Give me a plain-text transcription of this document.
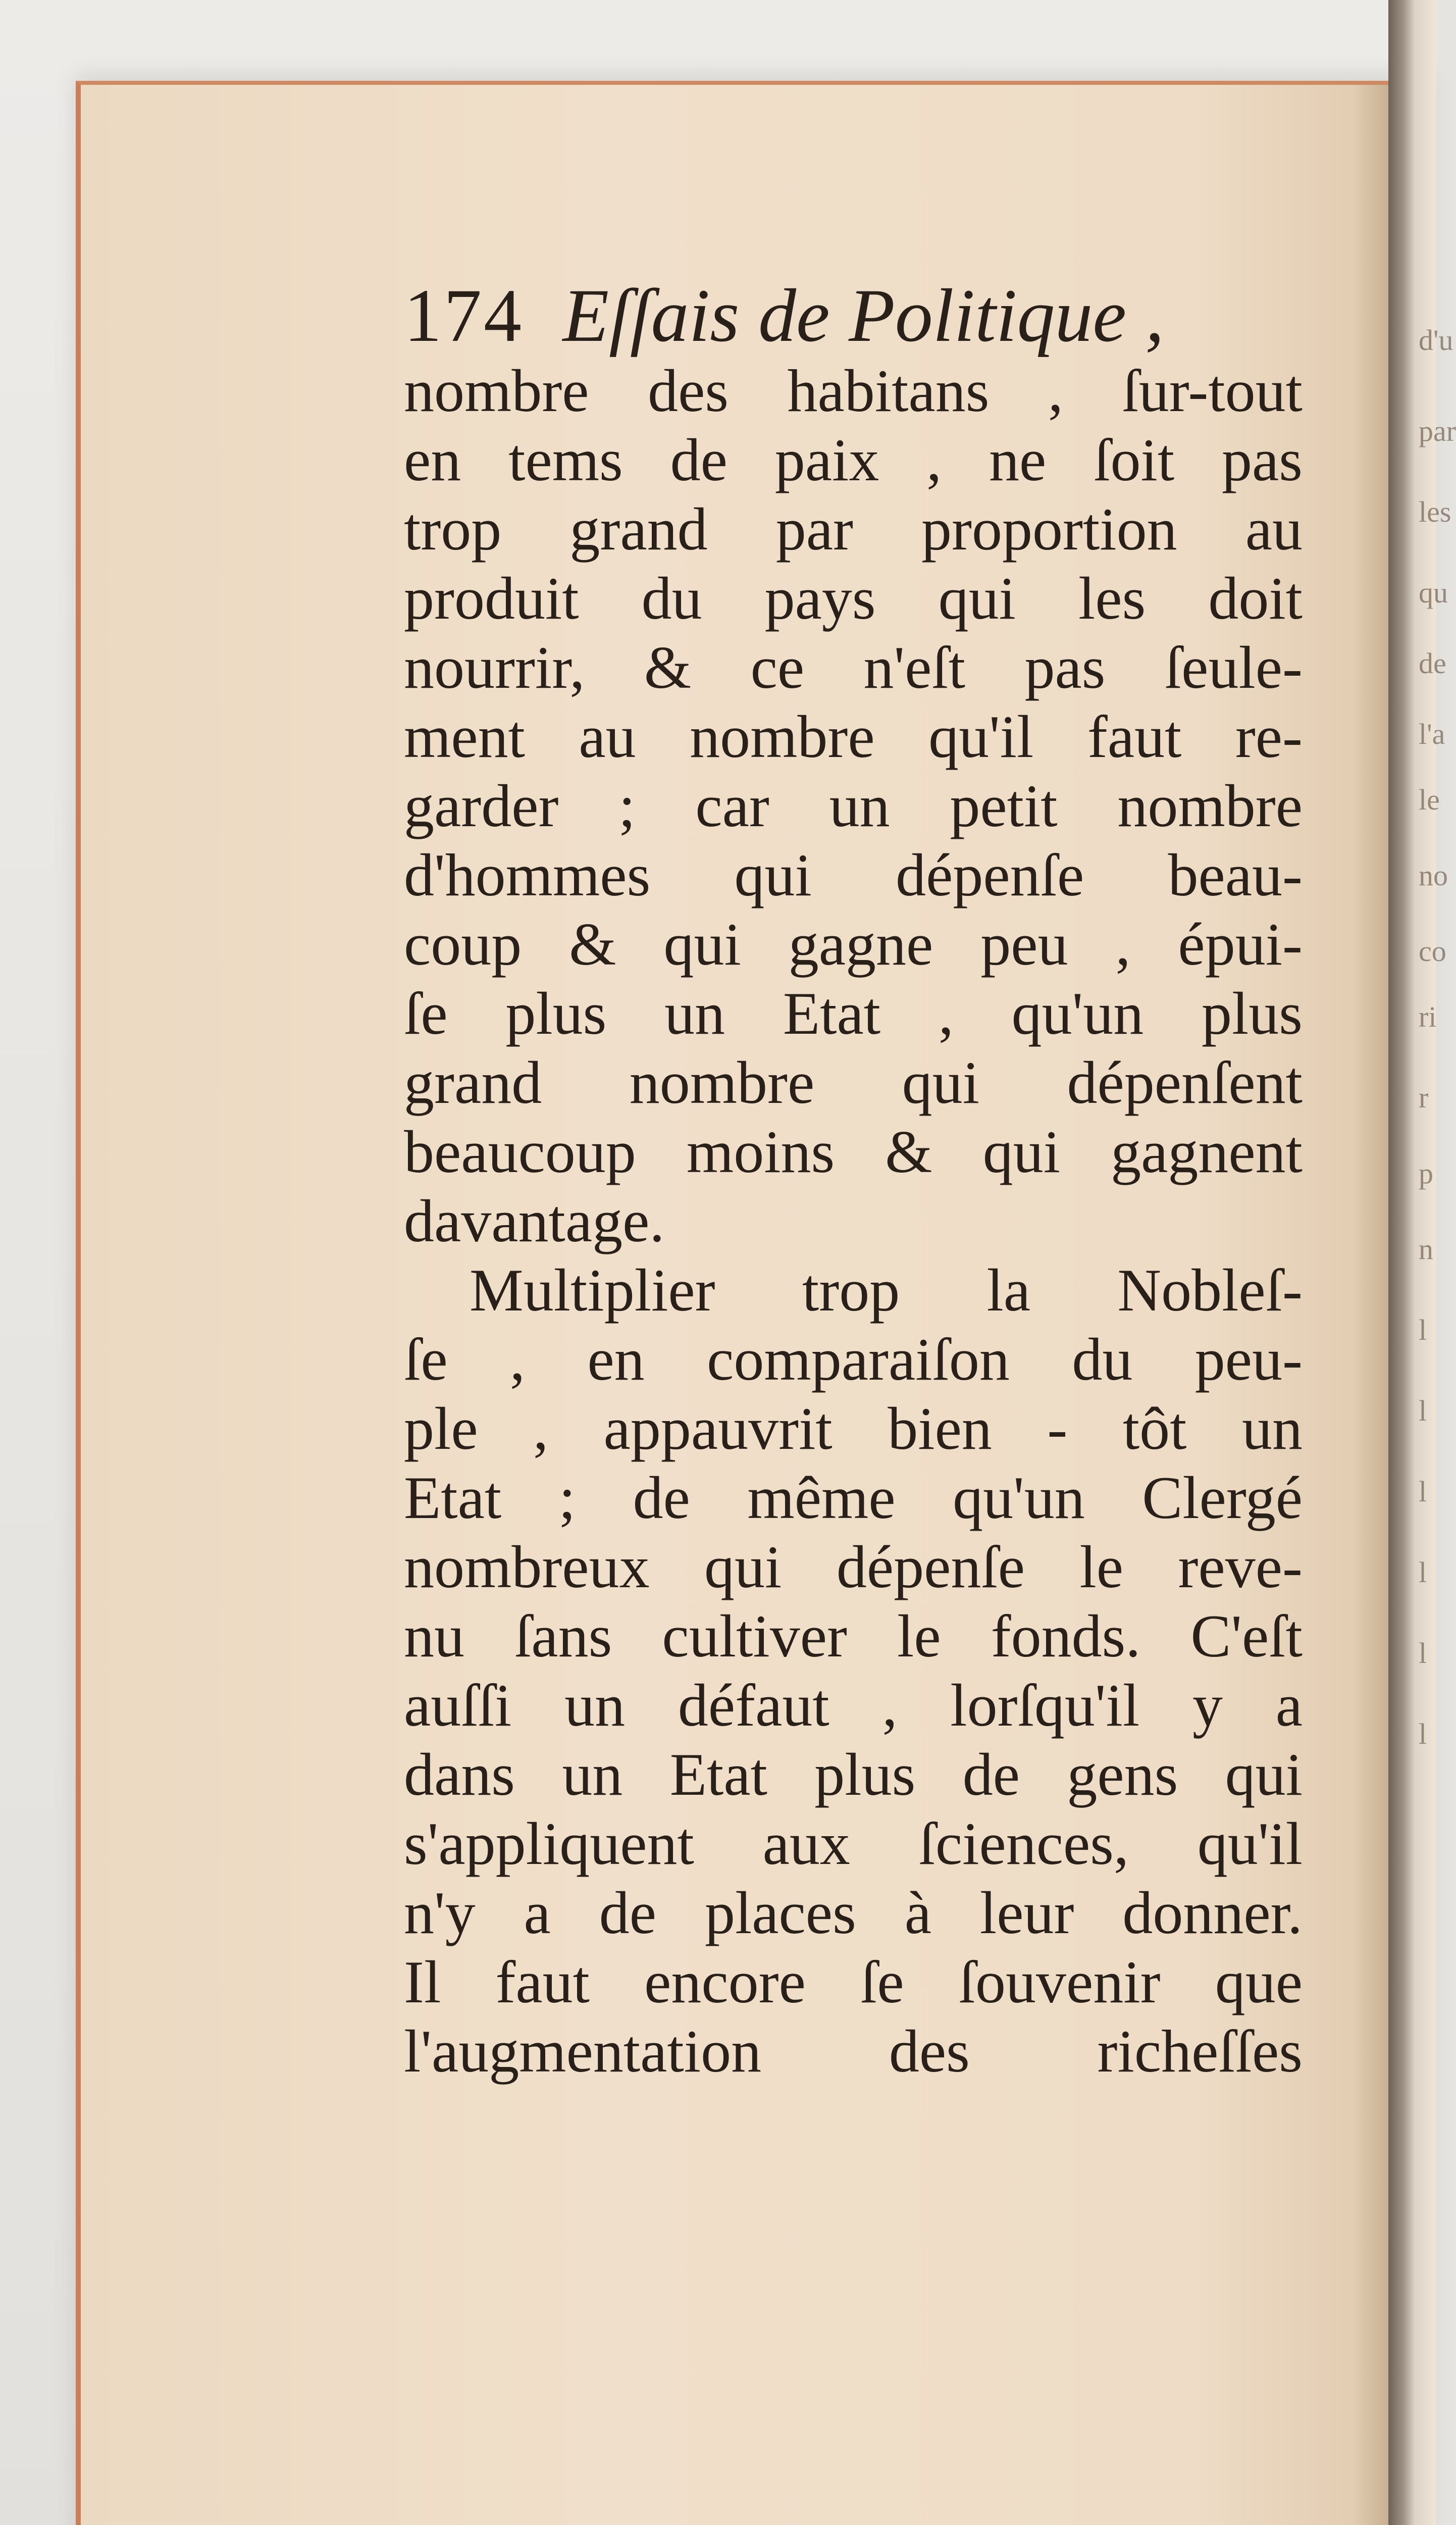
d'u
par
les
qu
de
l'a
le
no
co
ri
r
p
n
l
l
l
l
l
l
174 Eſſais de Politique ,
nombre des habitans , ſur-tout
en tems de paix , ne ſoit pas
trop grand par proportion au
produit du pays qui les doit
nourrir, & ce n'eſt pas ſeule-
ment au nombre qu'il faut re-
garder ; car un petit nombre
d'hommes qui dépenſe beau-
coup & qui gagne peu , épui-
ſe plus un Etat , qu'un plus
grand nombre qui dépenſent
beaucoup moins & qui gagnent
davantage.
Multiplier trop la Nobleſ-
ſe , en comparaiſon du peu-
ple , appauvrit bien - tôt un
Etat ; de même qu'un Clergé
nombreux qui dépenſe le reve-
nu ſans cultiver le fonds. C'eſt
auſſi un défaut , lorſqu'il y a
dans un Etat plus de gens qui
s'appliquent aux ſciences, qu'il
n'y a de places à leur donner.
Il faut encore ſe ſouvenir que
l'augmentation des richeſſes
